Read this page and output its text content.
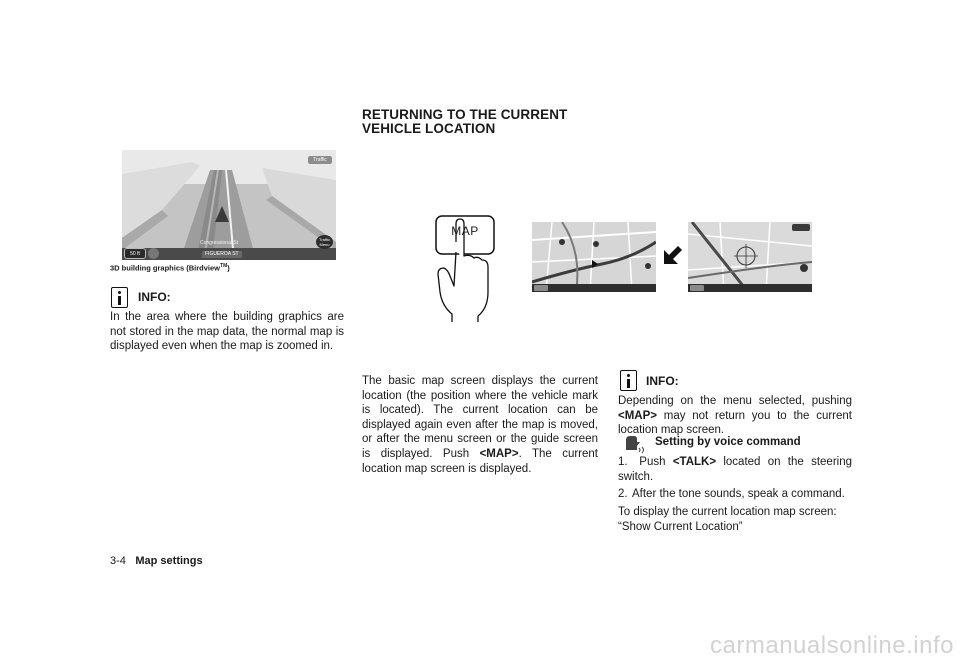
Traffic
Congressional St
FIGUEROA ST
50 ft
Traffic Menu
3D building graphics (Birdview™)
INFO:
In the area where the building graphics are not stored in the map data, the normal map is displayed even when the map is zoomed in.
RETURNING TO THE CURRENT
VEHICLE LOCATION
MAP
The basic map screen displays the current location (the position where the vehicle mark is located). The current location can be displayed again even after the map is moved, or after the menu screen or the guide screen is displayed. Push <MAP>. The current location map screen is displayed.
INFO:
Depending on the menu selected, pushing <MAP> may not return you to the current location map screen.
Setting by voice command
1. Push <TALK> located on the steering switch.
2. After the tone sounds, speak a command.
To display the current location map screen:
“Show Current Location”
3-4 Map settings
carmanualsonline.info
